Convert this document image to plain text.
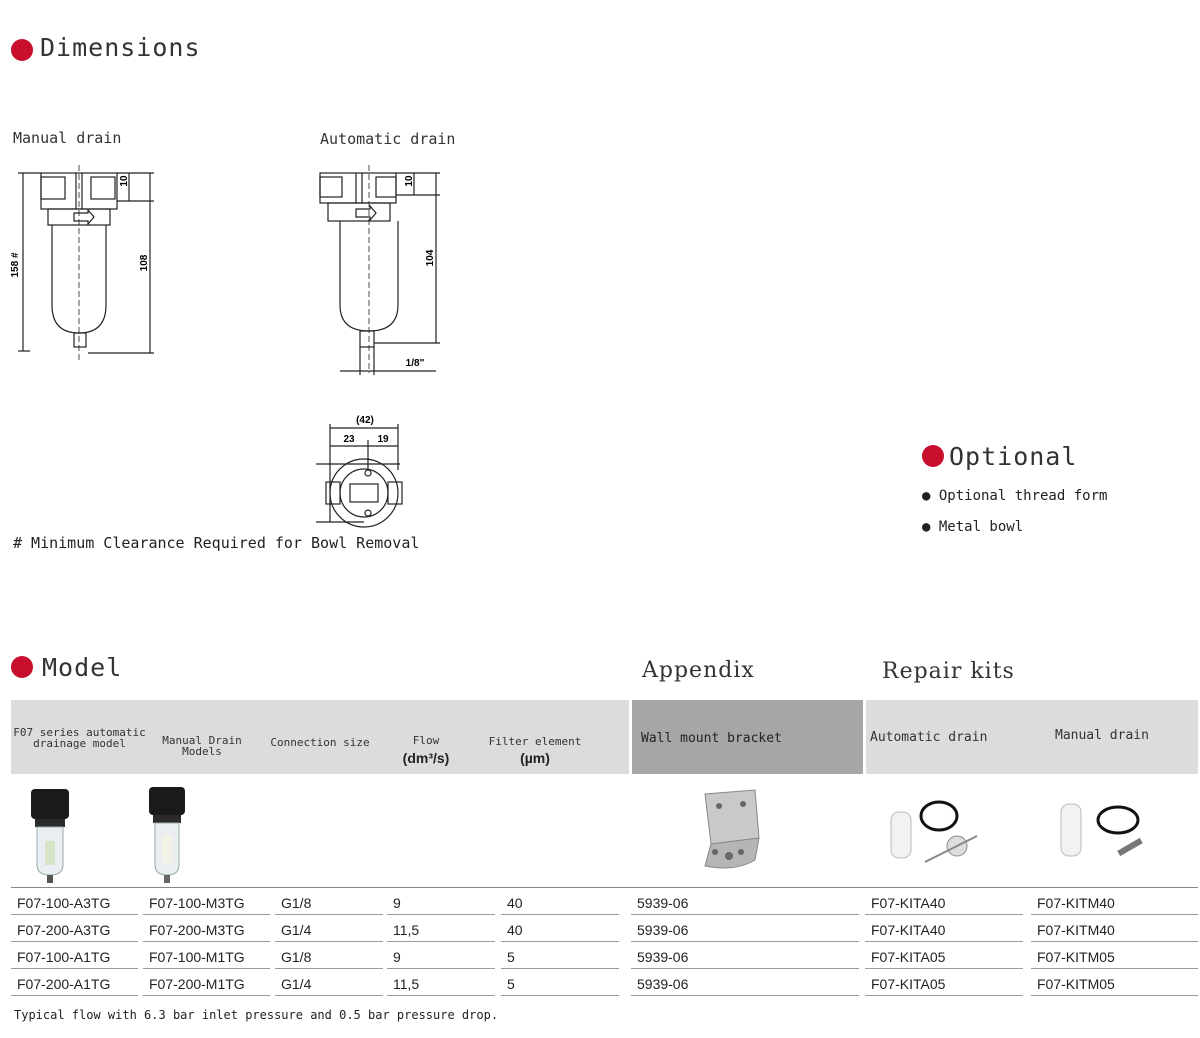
Dimensions
Manual drain	Automatic drain
158 #	108
10
104
10
1/8"
(42)
23 19
# Minimum Clearance Required for Bowl Removal
Optional
● Optional thread form
● Metal bowl
Model	Appendix	Repair kits
F07 series automatic drainage model	Manual Drain Models
Connection size	Flow
(dm³/s)
Filter element
(µm)
Wall mount bracket	Automatic drain	Manual drain
F07-100-A3TG	F07-100-M3TG	G1/8	9	40	5939-06	F07-KITA40	F07-KITM40
F07-200-A3TG	F07-200-M3TG	G1/4	11,5	40	5939-06	F07-KITA40	F07-KITM40
F07-100-A1TG	F07-100-M1TG	G1/8	9	5	5939-06	F07-KITA05	F07-KITM05
F07-200-A1TG	F07-200-M1TG	G1/4	11,5	5	5939-06	F07-KITA05	F07-KITM05
Typical flow with 6.3 bar inlet pressure and 0.5 bar pressure drop.
